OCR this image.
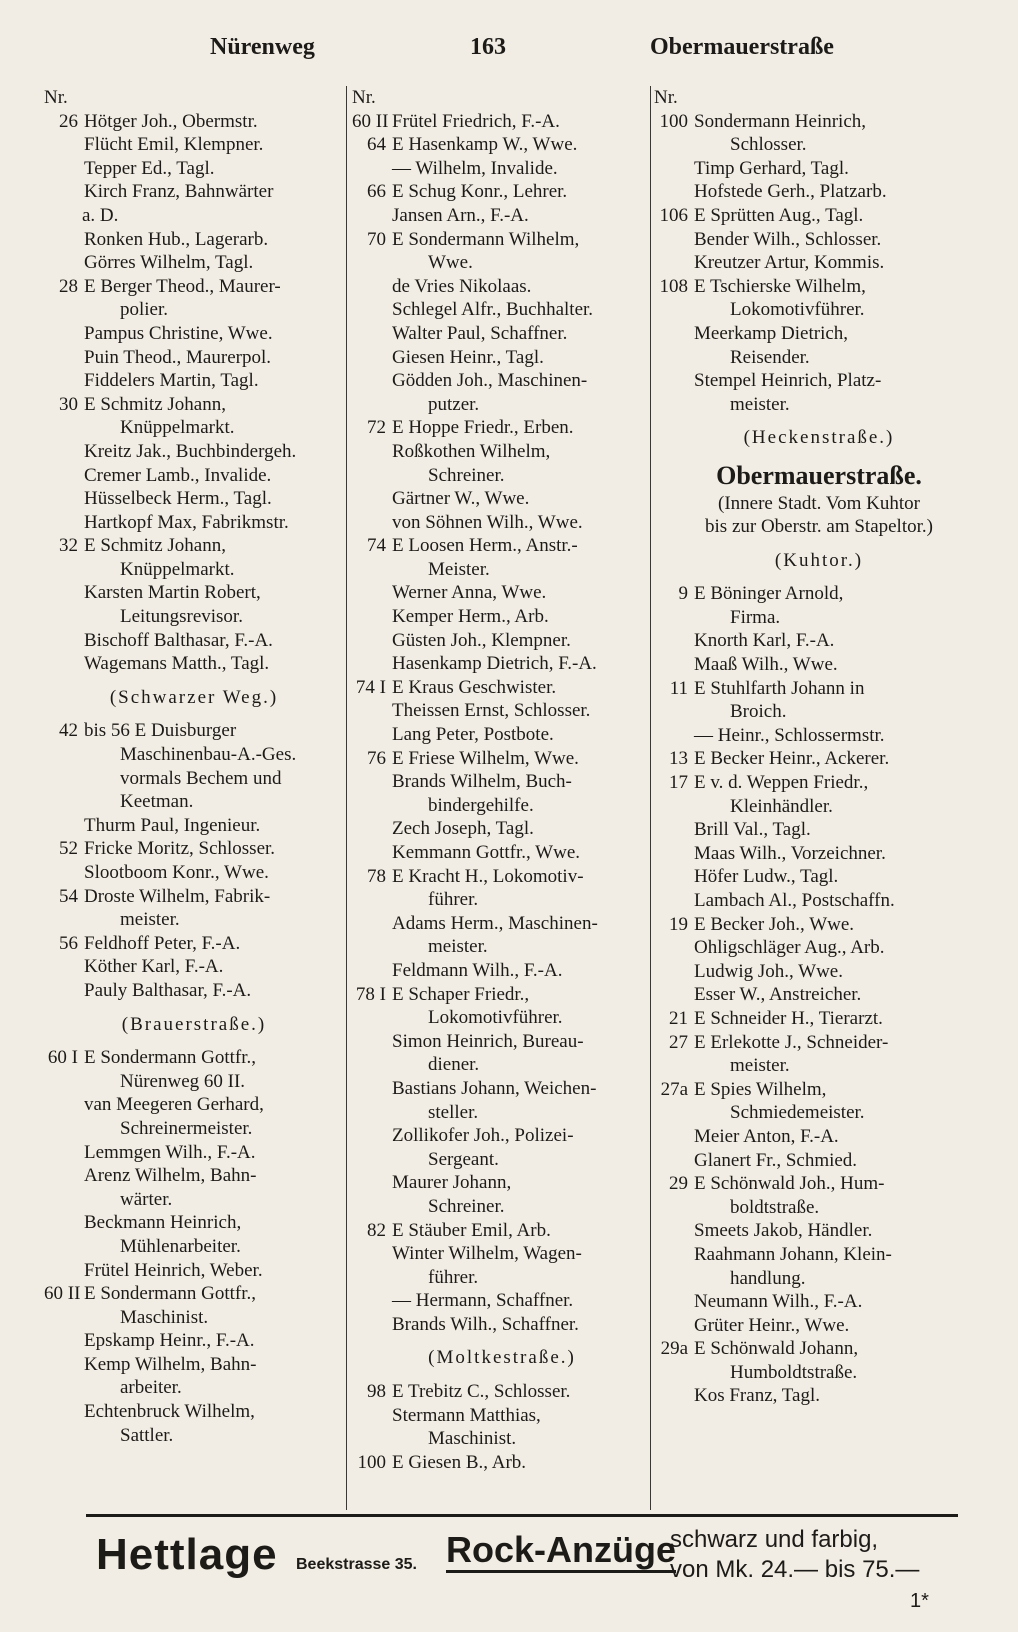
Nürenweg	163	Obermauerstraße
Nr.
26 Hötger Joh., Obermstr.
Flücht Emil, Klempner.
Tepper Ed., Tagl.
Kirch Franz, Bahnwärter
a. D.
Ronken Hub., Lagerarb.
Görres Wilhelm, Tagl.
28 E Berger Theod., Maurer-
polier.
Pampus Christine, Wwe.
Puin Theod., Maurerpol.
Fiddelers Martin, Tagl.
30 E Schmitz Johann,
Knüppelmarkt.
Kreitz Jak., Buchbindergeh.
Cremer Lamb., Invalide.
Hüsselbeck Herm., Tagl.
Hartkopf Max, Fabrikmstr.
32 E Schmitz Johann,
Knüppelmarkt.
Karsten Martin Robert,
Leitungsrevisor.
Bischoff Balthasar, F.-A.
Wagemans Matth., Tagl.
(Schwarzer Weg.)
42 bis 56 E Duisburger
Maschinenbau-A.-Ges.
vormals Bechem und
Keetman.
Thurm Paul, Ingenieur.
52 Fricke Moritz, Schlosser.
Slootboom Konr., Wwe.
54 Droste Wilhelm, Fabrik-
meister.
56 Feldhoff Peter, F.-A.
Köther Karl, F.-A.
Pauly Balthasar, F.-A.
(Brauerstraße.)
60 I E Sondermann Gottfr.,
Nürenweg 60 II.
van Meegeren Gerhard,
Schreinermeister.
Lemmgen Wilh., F.-A.
Arenz Wilhelm, Bahn-
wärter.
Beckmann Heinrich,
Mühlenarbeiter.
Frütel Heinrich, Weber.
60 II E Sondermann Gottfr.,
Maschinist.
Epskamp Heinr., F.-A.
Kemp Wilhelm, Bahn-
arbeiter.
Echtenbruck Wilhelm,
Sattler.
Nr.
60 II Frütel Friedrich, F.-A.
64 E Hasenkamp W., Wwe.
— Wilhelm, Invalide.
66 E Schug Konr., Lehrer.
Jansen Arn., F.-A.
70 E Sondermann Wilhelm,
Wwe.
de Vries Nikolaas.
Schlegel Alfr., Buchhalter.
Walter Paul, Schaffner.
Giesen Heinr., Tagl.
Gödden Joh., Maschinen-
putzer.
72 E Hoppe Friedr., Erben.
Roßkothen Wilhelm,
Schreiner.
Gärtner W., Wwe.
von Söhnen Wilh., Wwe.
74 E Loosen Herm., Anstr.-
Meister.
Werner Anna, Wwe.
Kemper Herm., Arb.
Güsten Joh., Klempner.
Hasenkamp Dietrich, F.-A.
74 I E Kraus Geschwister.
Theissen Ernst, Schlosser.
Lang Peter, Postbote.
76 E Friese Wilhelm, Wwe.
Brands Wilhelm, Buch-
bindergehilfe.
Zech Joseph, Tagl.
Kemmann Gottfr., Wwe.
78 E Kracht H., Lokomotiv-
führer.
Adams Herm., Maschinen-
meister.
Feldmann Wilh., F.-A.
78 I E Schaper Friedr.,
Lokomotivführer.
Simon Heinrich, Bureau-
diener.
Bastians Johann, Weichen-
steller.
Zollikofer Joh., Polizei-
Sergeant.
Maurer Johann,
Schreiner.
82 E Stäuber Emil, Arb.
Winter Wilhelm, Wagen-
führer.
— Hermann, Schaffner.
Brands Wilh., Schaffner.
(Moltkestraße.)
98 E Trebitz C., Schlosser.
Stermann Matthias,
Maschinist.
100 E Giesen B., Arb.
Nr.
100 Sondermann Heinrich,
Schlosser.
Timp Gerhard, Tagl.
Hofstede Gerh., Platzarb.
106 E Sprütten Aug., Tagl.
Bender Wilh., Schlosser.
Kreutzer Artur, Kommis.
108 E Tschierske Wilhelm,
Lokomotivführer.
Meerkamp Dietrich,
Reisender.
Stempel Heinrich, Platz-
meister.
(Heckenstraße.)
Obermauerstraße.
(Innere Stadt. Vom Kuhtor
bis zur Oberstr. am Stapeltor.)
(Kuhtor.)
9 E Böninger Arnold,
Firma.
Knorth Karl, F.-A.
Maaß Wilh., Wwe.
11 E Stuhlfarth Johann in
Broich.
— Heinr., Schlossermstr.
13 E Becker Heinr., Ackerer.
17 E v. d. Weppen Friedr.,
Kleinhändler.
Brill Val., Tagl.
Maas Wilh., Vorzeichner.
Höfer Ludw., Tagl.
Lambach Al., Postschaffn.
19 E Becker Joh., Wwe.
Ohligschläger Aug., Arb.
Ludwig Joh., Wwe.
Esser W., Anstreicher.
21 E Schneider H., Tierarzt.
27 E Erlekotte J., Schneider-
meister.
27a E Spies Wilhelm,
Schmiedemeister.
Meier Anton, F.-A.
Glanert Fr., Schmied.
29 E Schönwald Joh., Hum-
boldtstraße.
Smeets Jakob, Händler.
Raahmann Johann, Klein-
handlung.
Neumann Wilh., F.-A.
Grüter Heinr., Wwe.
29a E Schönwald Johann,
Humboldtstraße.
Kos Franz, Tagl.
Hettlage Beekstrasse 35. Rock-Anzüge
schwarz und farbig,
von Mk. 24.— bis 75.—
1*
